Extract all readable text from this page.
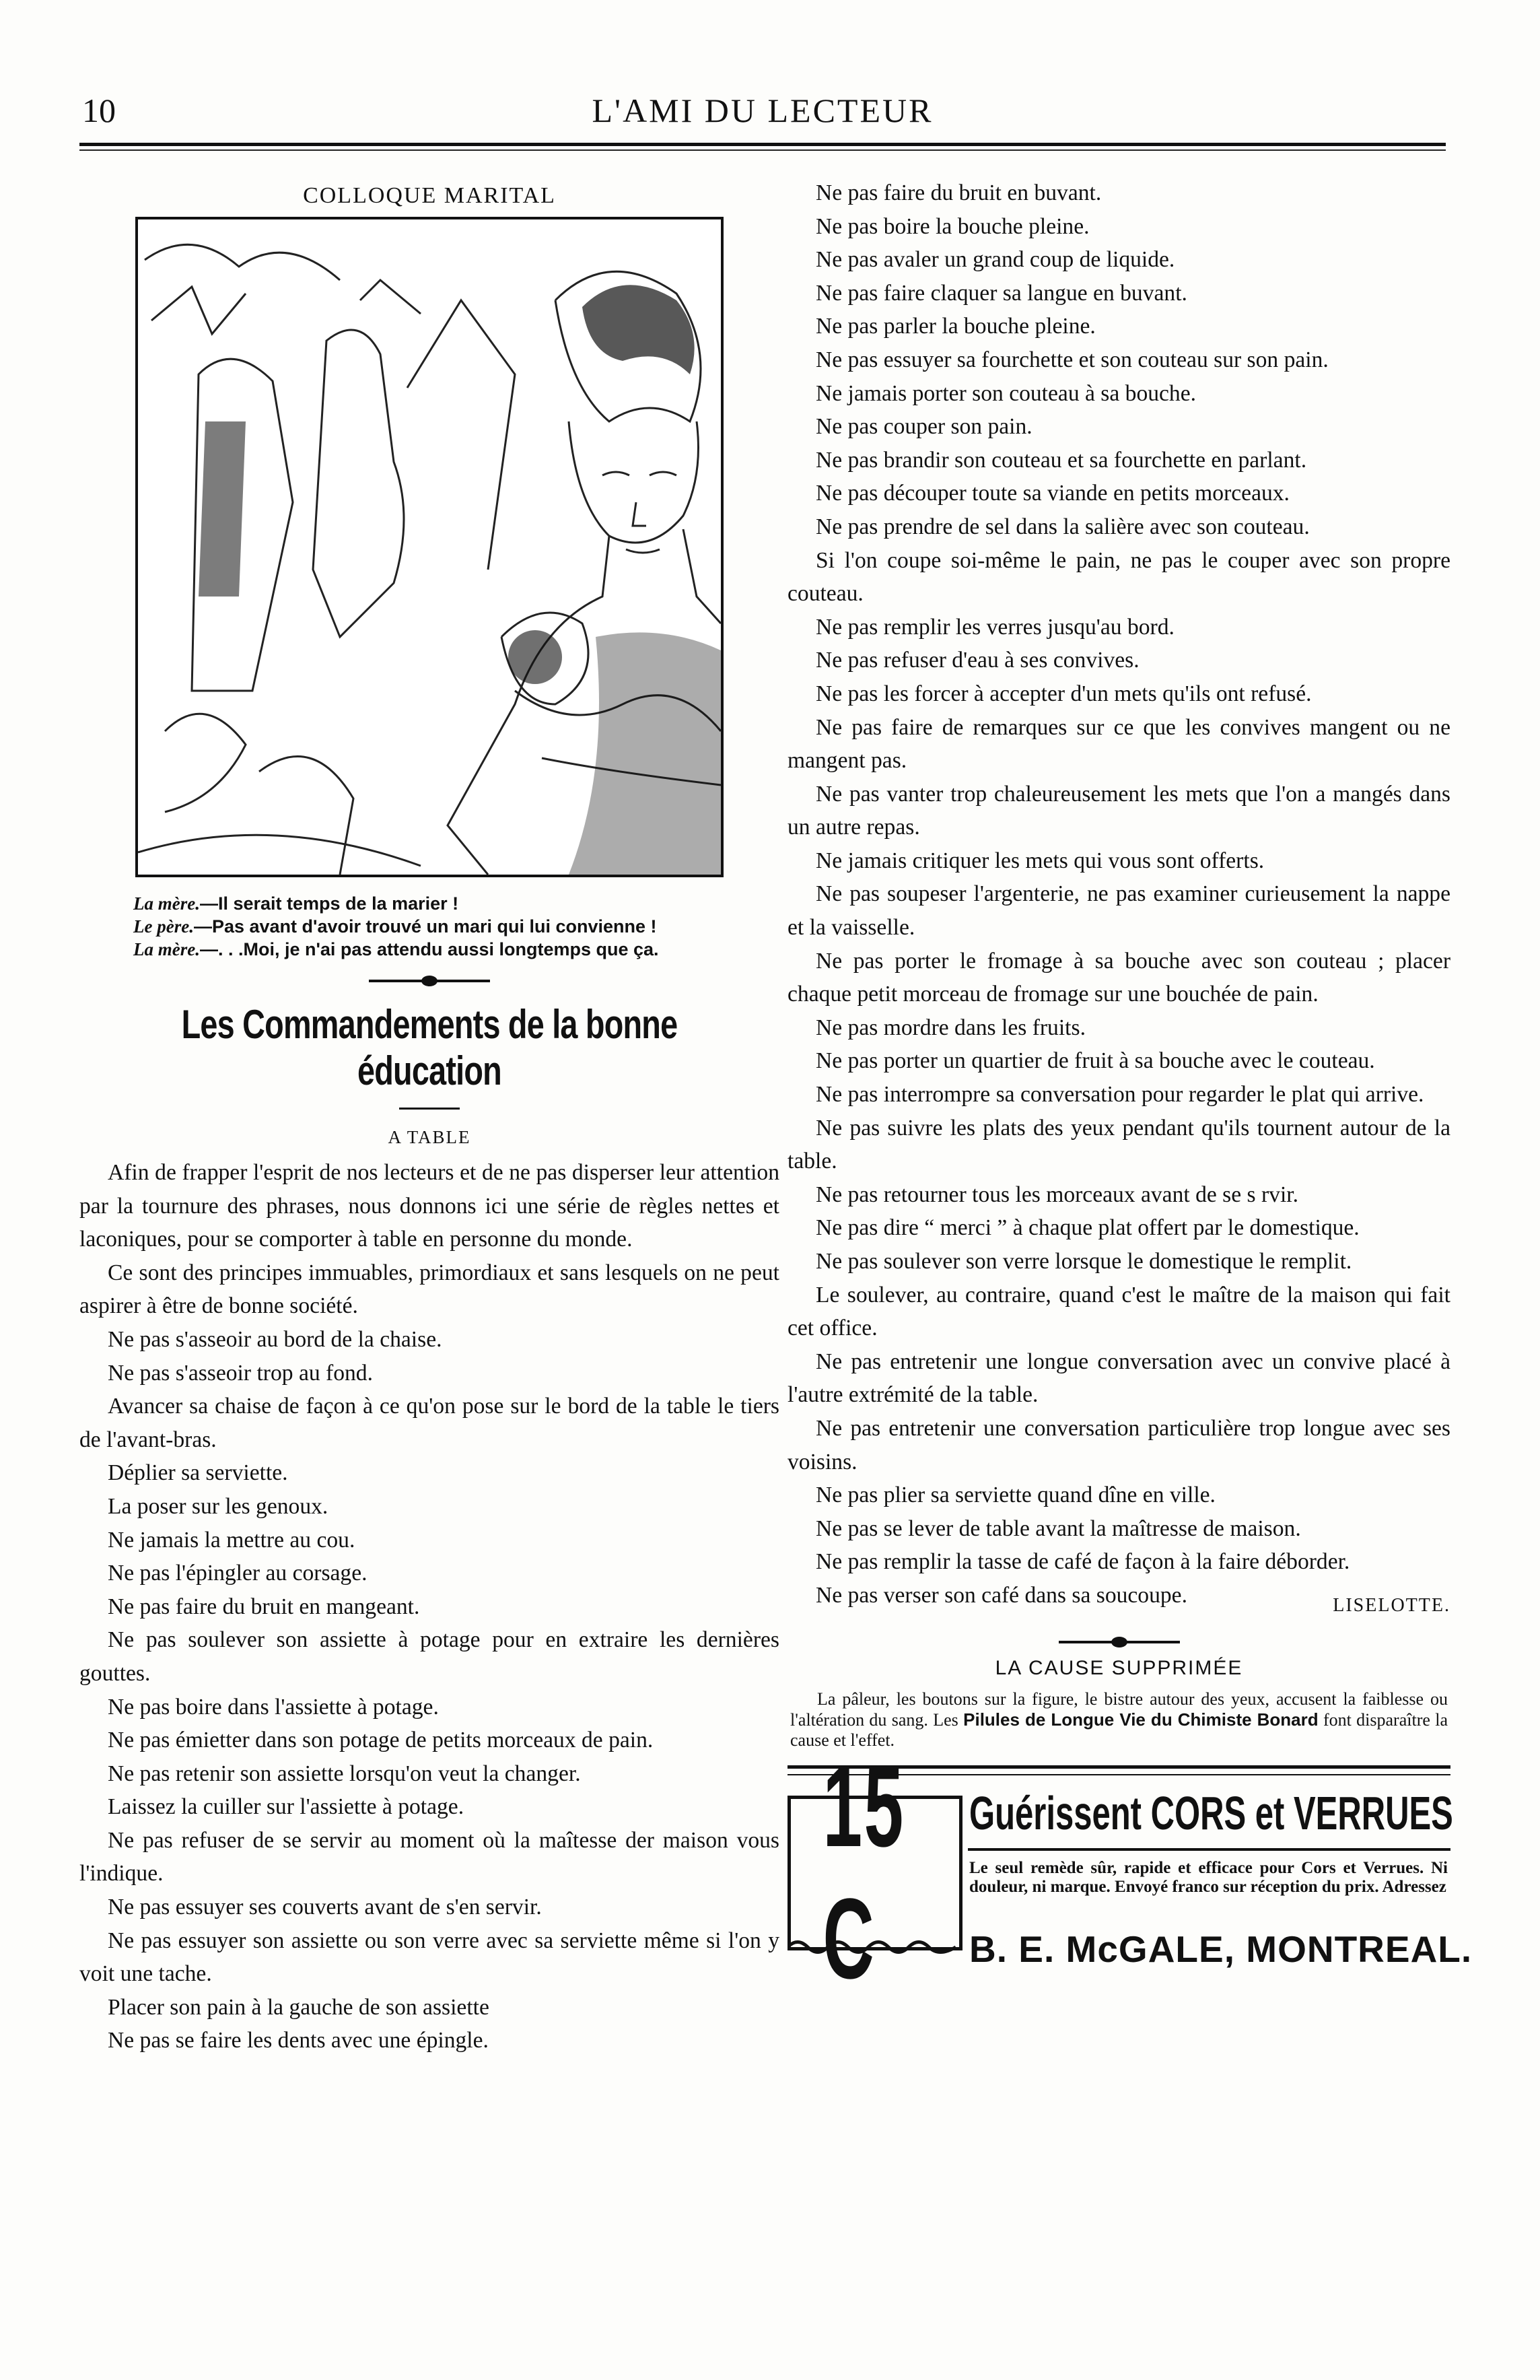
10	L'AMI DU LECTEUR
COLLOQUE MARITAL
La mère.—Il serait temps de la marier !
Le père.—Pas avant d'avoir trouvé un mari qui lui convienne !
La mère.—. . .Moi, je n'ai pas attendu aussi longtemps que ça.
Les Commandements de la bonne éducation
A TABLE

Afin de frapper l'esprit de nos lecteurs et de ne pas disperser leur attention par la tournure des phrases, nous donnons ici une série de règles nettes et laconiques, pour se comporter à table en personne du monde.

Ce sont des principes immuables, primordiaux et sans lesquels on ne peut aspirer à être de bonne société.

Ne pas s'asseoir au bord de la chaise.

Ne pas s'asseoir trop au fond.

Avancer sa chaise de façon à ce qu'on pose sur le bord de la table le tiers de l'avant-bras.

Déplier sa serviette.

La poser sur les genoux.

Ne jamais la mettre au cou.

Ne pas l'épingler au corsage.

Ne pas faire du bruit en mangeant.

Ne pas soulever son assiette à potage pour en extraire les dernières gouttes.

Ne pas boire dans l'assiette à potage.

Ne pas émietter dans son potage de petits morceaux de pain.

Ne pas retenir son assiette lorsqu'on veut la changer.

Laissez la cuiller sur l'assiette à potage.

Ne pas refuser de se servir au moment où la maîtesse der maison vous l'indique.

Ne pas essuyer ses couverts avant de s'en servir.

Ne pas essuyer son assiette ou son verre avec sa serviette même si l'on y voit une tache.

Placer son pain à la gauche de son assiette

Ne pas se faire les dents avec une épingle.

Ne pas faire du bruit en buvant.

Ne pas boire la bouche pleine.

Ne pas avaler un grand coup de liquide.

Ne pas faire claquer sa langue en buvant.

Ne pas parler la bouche pleine.

Ne pas essuyer sa fourchette et son couteau sur son pain.

Ne jamais porter son couteau à sa bouche.

Ne pas couper son pain.

Ne pas brandir son couteau et sa fourchette en parlant.

Ne pas découper toute sa viande en petits morceaux.

Ne pas prendre de sel dans la salière avec son couteau.

Si l'on coupe soi-même le pain, ne pas le couper avec son propre couteau.

Ne pas remplir les verres jusqu'au bord.

Ne pas refuser d'eau à ses convives.

Ne pas les forcer à accepter d'un mets qu'ils ont refusé.

Ne pas faire de remarques sur ce que les convives mangent ou ne mangent pas.

Ne pas vanter trop chaleureusement les mets que l'on a mangés dans un autre repas.

Ne jamais critiquer les mets qui vous sont offerts.

Ne pas soupeser l'argenterie, ne pas examiner curieusement la nappe et la vaisselle.

Ne pas porter le fromage à sa bouche avec son couteau ; placer chaque petit morceau de fromage sur une bouchée de pain.

Ne pas mordre dans les fruits.

Ne pas porter un quartier de fruit à sa bouche avec le couteau.

Ne pas interrompre sa conversation pour regarder le plat qui arrive.

Ne pas suivre les plats des yeux pendant qu'ils tournent autour de la table.

Ne pas retourner tous les morceaux avant de se s rvir.

Ne pas dire “ merci ” à chaque plat offert par le domestique.

Ne pas soulever son verre lorsque le domestique le remplit.

Le soulever, au contraire, quand c'est le maître de la maison qui fait cet office.

Ne pas entretenir une longue conversation avec un convive placé à l'autre extrémité de la table.

Ne pas entretenir une conversation particulière trop longue avec ses voisins.

Ne pas plier sa serviette quand dîne en ville.

Ne pas se lever de table avant la maîtresse de maison.

Ne pas remplir la tasse de café de façon à la faire déborder.

Ne pas verser son café dans sa soucoupe.	LISELOTTE.
LA CAUSE SUPPRIMÉE
La pâleur, les boutons sur la figure, le bistre autour des yeux, accusent la faiblesse ou l'altération du sang. Les Pilules de Longue Vie du Chimiste Bonard font disparaître la cause et l'effet.
15 C
Guérissent CORS et VERRUES
Le seul remède sûr, rapide et efficace pour Cors et Verrues. Ni douleur, ni marque. Envoyé franco sur réception du prix. Adressez
B. E. McGALE, MONTREAL.
